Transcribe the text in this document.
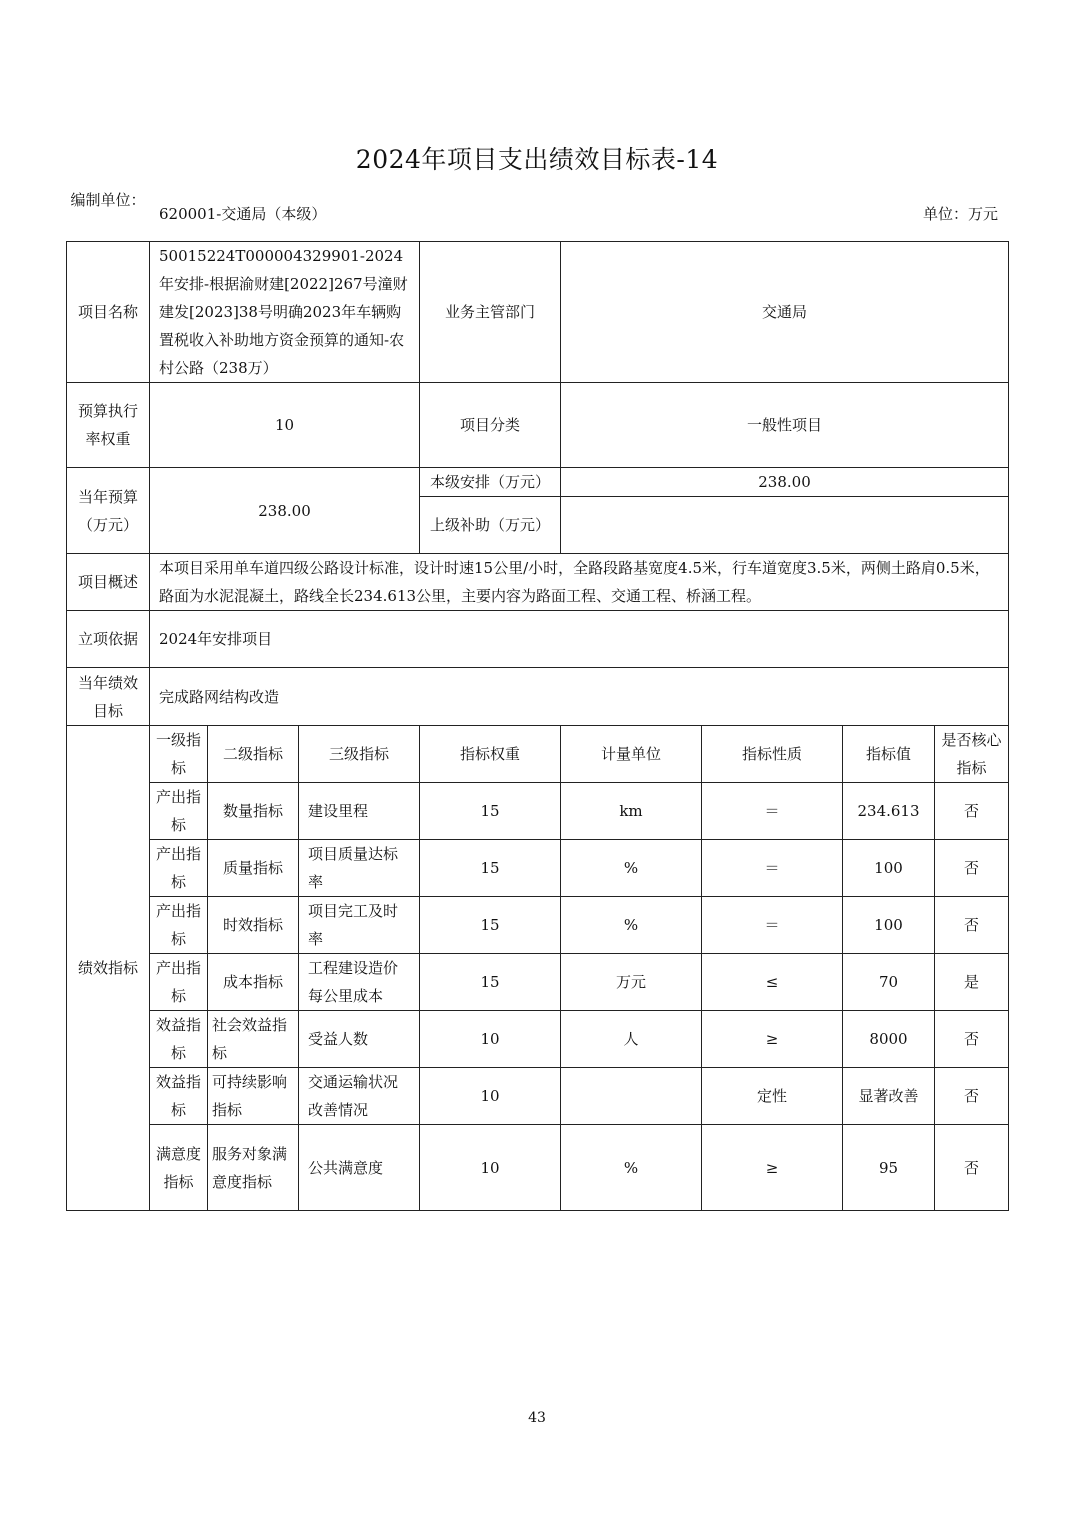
2024年项目支出绩效目标表-14
编制单位：
620001-交通局（本级）	单位：万元
项目名称	50015224T000004329901-2024年安排-根据渝财建[2022]267号潼财建发[2023]38号明确2023年车辆购置税收入补助地方资金预算的通知-农村公路（238万）			业务主管部门	交通局			
预算执行率权重	10			项目分类	一般性项目			
当年预算（万元）	238.00			本级安排（万元）	238.00			
				上级补助（万元）				
项目概述	本项目采用单车道四级公路设计标准，设计时速15公里/小时，全路段路基宽度4.5米，行车道宽度3.5米，两侧土路肩0.5米，路面为水泥混凝土，路线全长234.613公里，主要内容为路面工程、交通工程、桥涵工程。							
立项依据	2024年安排项目							
当年绩效目标	完成路网结构改造							
绩效指标	一级指标	二级指标	三级指标	指标权重	计量单位	指标性质	指标值	是否核心指标
	产出指标	数量指标	建设里程	15	km	＝	234.613	否
	产出指标	质量指标	项目质量达标率	15	%	＝	100	否
	产出指标	时效指标	项目完工及时率	15	%	＝	100	否
	产出指标	成本指标	工程建设造价每公里成本	15	万元	≤	70	是
	效益指标	社会效益指标	受益人数	10	人	≥	8000	否
	效益指标	可持续影响指标	交通运输状况改善情况	10		定性	显著改善	否
	满意度指标	服务对象满意度指标	公共满意度	10	%	≥	95	否
43
